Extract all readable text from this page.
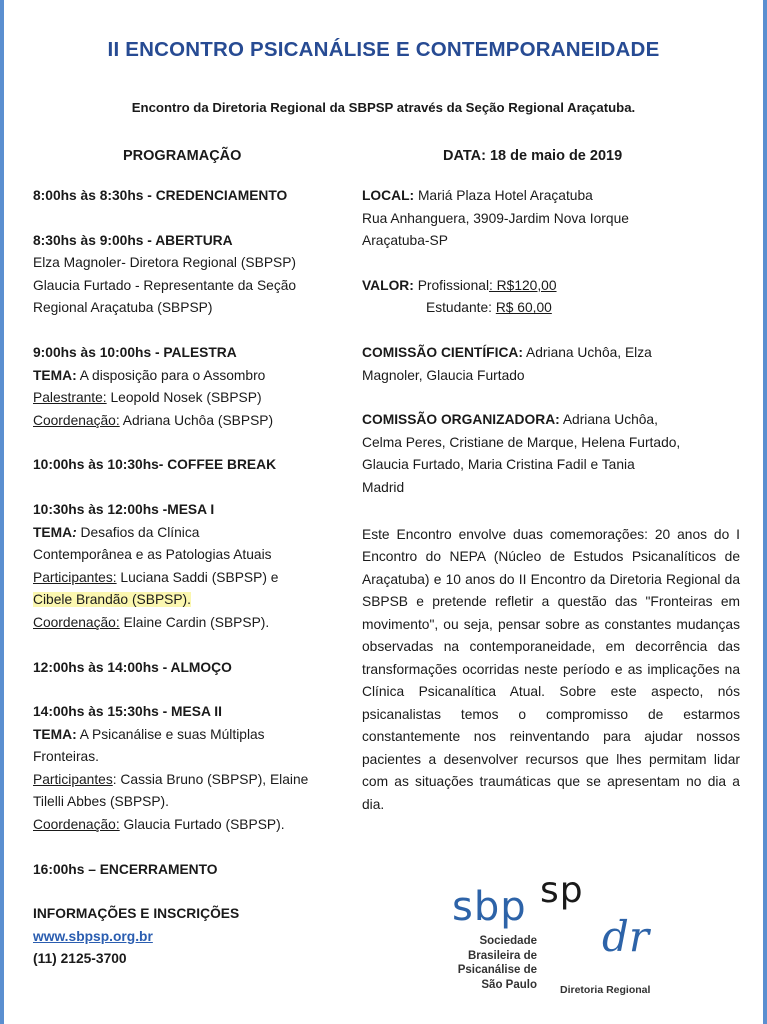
II ENCONTRO PSICANÁLISE E CONTEMPORANEIDADE
Encontro da Diretoria Regional da SBPSP através da Seção Regional Araçatuba.
PROGRAMAÇÃO	DATA: 18 de maio de 2019
8:00hs às 8:30hs - CREDENCIAMENTO
8:30hs às 9:00hs - ABERTURA
Elza Magnoler- Diretora Regional (SBPSP)
Glaucia Furtado - Representante da Seção
Regional Araçatuba (SBPSP)
9:00hs às 10:00hs - PALESTRA
TEMA: A disposição para o Assombro
Palestrante: Leopold Nosek (SBPSP)
Coordenação: Adriana Uchôa (SBPSP)
10:00hs às 10:30hs- COFFEE BREAK
10:30hs às 12:00hs -MESA I
TEMA: Desafios da Clínica
Contemporânea e as Patologias Atuais
Participantes: Luciana Saddi (SBPSP) e
Cibele Brandão (SBPSP).
Coordenação: Elaine Cardin (SBPSP).
12:00hs às 14:00hs - ALMOÇO
14:00hs às 15:30hs - MESA II
TEMA: A Psicanálise e suas Múltiplas
Fronteiras.
Participantes: Cassia Bruno (SBPSP), Elaine
Tilelli Abbes (SBPSP).
Coordenação: Glaucia Furtado (SBPSP).
16:00hs – ENCERRAMENTO
INFORMAÇÕES E INSCRIÇÕES
www.sbpsp.org.br
(11) 2125-3700
LOCAL: Mariá Plaza Hotel Araçatuba
Rua Anhanguera, 3909-Jardim Nova Iorque
Araçatuba-SP
VALOR: Profissional: R$120,00
Estudante: R$ 60,00
COMISSÃO CIENTÍFICA: Adriana Uchôa, Elza
Magnoler, Glaucia Furtado
COMISSÃO ORGANIZADORA: Adriana Uchôa,
Celma Peres, Cristiane de Marque, Helena Furtado,
Glaucia Furtado, Maria Cristina Fadil e Tania
Madrid
Este Encontro envolve duas comemorações: 20 anos do I Encontro do NEPA (Núcleo de Estudos Psicanalíticos de Araçatuba) e 10 anos do II Encontro da Diretoria Regional da SBPSB e pretende refletir a questão das "Fronteiras em movimento", ou seja, pensar sobre as constantes mudanças observadas na contemporaneidade, em decorrência das transformações ocorridas neste período e as implicações na Clínica Psicanalítica Atual. Sobre este aspecto, nós psicanalistas temos o compromisso de estarmos constantemente nos reinventando para ajudar nossos pacientes a desenvolver recursos que lhes permitam lidar com as situações traumáticas que se apresentam no dia a dia.
sbp sp
Sociedade
Brasileira de
Psicanálise de
São Paulo
dr
Diretoria Regional
